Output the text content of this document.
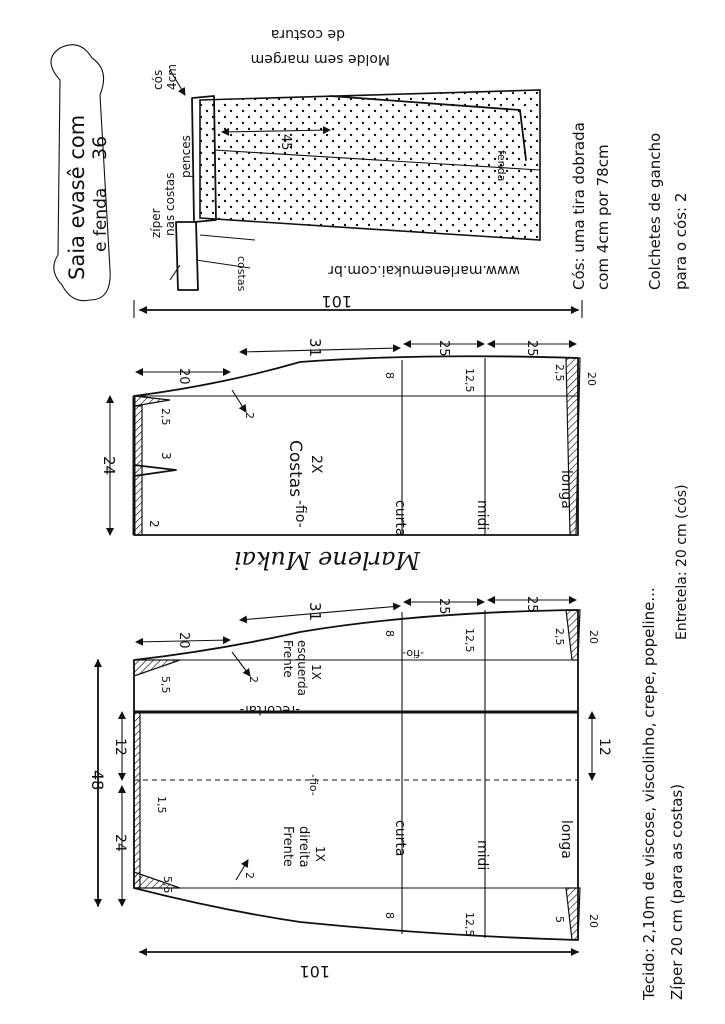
Saia evasê com e fenda
36	45
fenda
zíper nas costas
pences
costas
cós 4cm
Molde sem margem
de costura
www.marlenemukai.com.br	Cós: uma tira dobrada com 4cm por 78cm Colchetes de gancho para o cós: 2
101
3
2
20
31	25	25
2,5	2
8	12,5	2,5 20
24	Costas 2X
-fio-	curta	midi
longa
Marlene Mukai
48
12
24
12
20
31	25	25
5,5	2
1,5
5,5
2
8	12,5	2,5 20
8	12,5	5 20
-recortar-
Frente esquerda 1X
-fio-
-fio-
Frente direita 1X	curta	midi	longa
101	Tecido: 2,10m de viscose, viscolinho, crepe, popeline... Zíper 20 cm (para as costas)
Entretela: 20 cm (cós)
